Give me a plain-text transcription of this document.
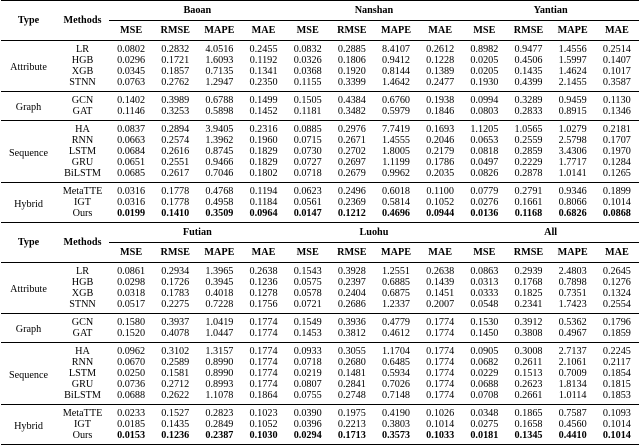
Type	Methods	Baoan				Nanshan				Yantian			
		MSE	RMSE	MAPE	MAE	MSE	RMSE	MAPE	MAE	MSE	RMSE	MAPE	MAE
Attribute	LR	0.0802	0.2832	4.0516	0.2455	0.0832	0.2885	8.4107	0.2612	0.8982	0.9477	1.4556	0.2514
	HGB	0.0296	0.1721	1.6093	0.1192	0.0326	0.1806	0.9412	0.1228	0.0205	0.4506	1.5997	0.1407
	XGB	0.0345	0.1857	0.7135	0.1341	0.0368	0.1920	0.8144	0.1389	0.0205	0.1435	1.4624	0.1017
	STNN	0.0763	0.2762	1.2947	0.2350	0.1155	0.3399	1.4642	0.2477	0.1930	0.4399	2.1455	0.3587
Graph	GCN	0.1402	0.3989	0.6788	0.1499	0.1505	0.4384	0.6760	0.1938	0.0994	0.3289	0.9459	0.1130
	GAT	0.1146	0.3253	0.5898	0.1452	0.1181	0.3482	0.5979	0.1846	0.0803	0.2833	0.8915	0.1346
Sequence	HA	0.0837	0.2894	3.9405	0.2316	0.0885	0.2976	7.7419	0.1693	1.1205	1.0565	1.0279	0.2181
	RNN	0.0663	0.2574	1.3962	0.1960	0.0715	0.2671	1.4555	0.2046	0.0653	0.2559	2.5798	0.1707
	LSTM	0.0684	0.2616	0.8745	0.1829	0.0730	0.2702	1.8005	0.2179	0.0818	0.2859	3.4306	0.1970
	GRU	0.0651	0.2551	0.9466	0.1829	0.0727	0.2697	1.1199	0.1786	0.0497	0.2229	1.7717	0.1284
	BiLSTM	0.0685	0.2617	0.7046	0.1802	0.0718	0.2679	0.9962	0.2035	0.0826	0.2878	1.0141	0.1265
Hybrid	MetaTTE	0.0316	0.1778	0.4768	0.1194	0.0623	0.2496	0.6018	0.1100	0.0779	0.2791	0.9346	0.1899
	IGT	0.0316	0.1778	0.4958	0.1184	0.0561	0.2369	0.5814	0.1052	0.0276	0.1661	0.8066	0.1014
	Ours	0.0199	0.1410	0.3509	0.0964	0.0147	0.1212	0.4696	0.0944	0.0136	0.1168	0.6826	0.0868
Type	Methods	Futian				Luohu				All			
		MSE	RMSE	MAPE	MAE	MSE	RMSE	MAPE	MAE	MSE	RMSE	MAPE	MAE
Attribute	LR	0.0861	0.2934	1.3965	0.2638	0.1543	0.3928	1.2551	0.2638	0.0863	0.2939	2.4803	0.2645
	HGB	0.0298	0.1726	0.3945	0.1236	0.0575	0.2397	0.6885	0.1439	0.0313	0.1768	0.7898	0.1276
	XGB	0.0318	0.1783	0.4018	0.1278	0.0578	0.2404	0.6875	0.1451	0.0333	0.1825	0.7351	0.1324
	STNN	0.0517	0.2275	0.7228	0.1756	0.0721	0.2686	1.2337	0.2007	0.0548	0.2341	1.7423	0.2554
Graph	GCN	0.1580	0.3937	1.0419	0.1774	0.1549	0.3936	0.4779	0.1774	0.1530	0.3912	0.5362	0.1796
	GAT	0.1520	0.4078	1.0447	0.1774	0.1453	0.3812	0.4612	0.1774	0.1450	0.3808	0.4967	0.1859
Sequence	HA	0.0962	0.3102	1.3157	0.1774	0.0933	0.3055	1.1704	0.1774	0.0905	0.3008	2.7137	0.2245
	RNN	0.0670	0.2589	0.8990	0.1774	0.0718	0.2680	0.6485	0.1774	0.0682	0.2611	2.1061	0.2117
	LSTM	0.0250	0.1581	0.8990	0.1774	0.0219	0.1481	0.5934	0.1774	0.0229	0.1513	0.7009	0.1854
	GRU	0.0736	0.2712	0.8993	0.1774	0.0807	0.2841	0.7026	0.1774	0.0688	0.2623	1.8134	0.1815
	BiLSTM	0.0688	0.2622	1.1078	0.1864	0.0755	0.2748	0.7148	0.1774	0.0708	0.2661	1.0114	0.1853
Hybrid	MetaTTE	0.0233	0.1527	0.2823	0.1023	0.0390	0.1975	0.4190	0.1026	0.0348	0.1865	0.7587	0.1093
	IGT	0.0185	0.1435	0.2849	0.1052	0.0396	0.2213	0.3803	0.1014	0.0275	0.1658	0.4560	0.1014
	Ours	0.0153	0.1236	0.2387	0.1030	0.0294	0.1713	0.3573	0.1033	0.0181	0.1345	0.4410	0.1014
